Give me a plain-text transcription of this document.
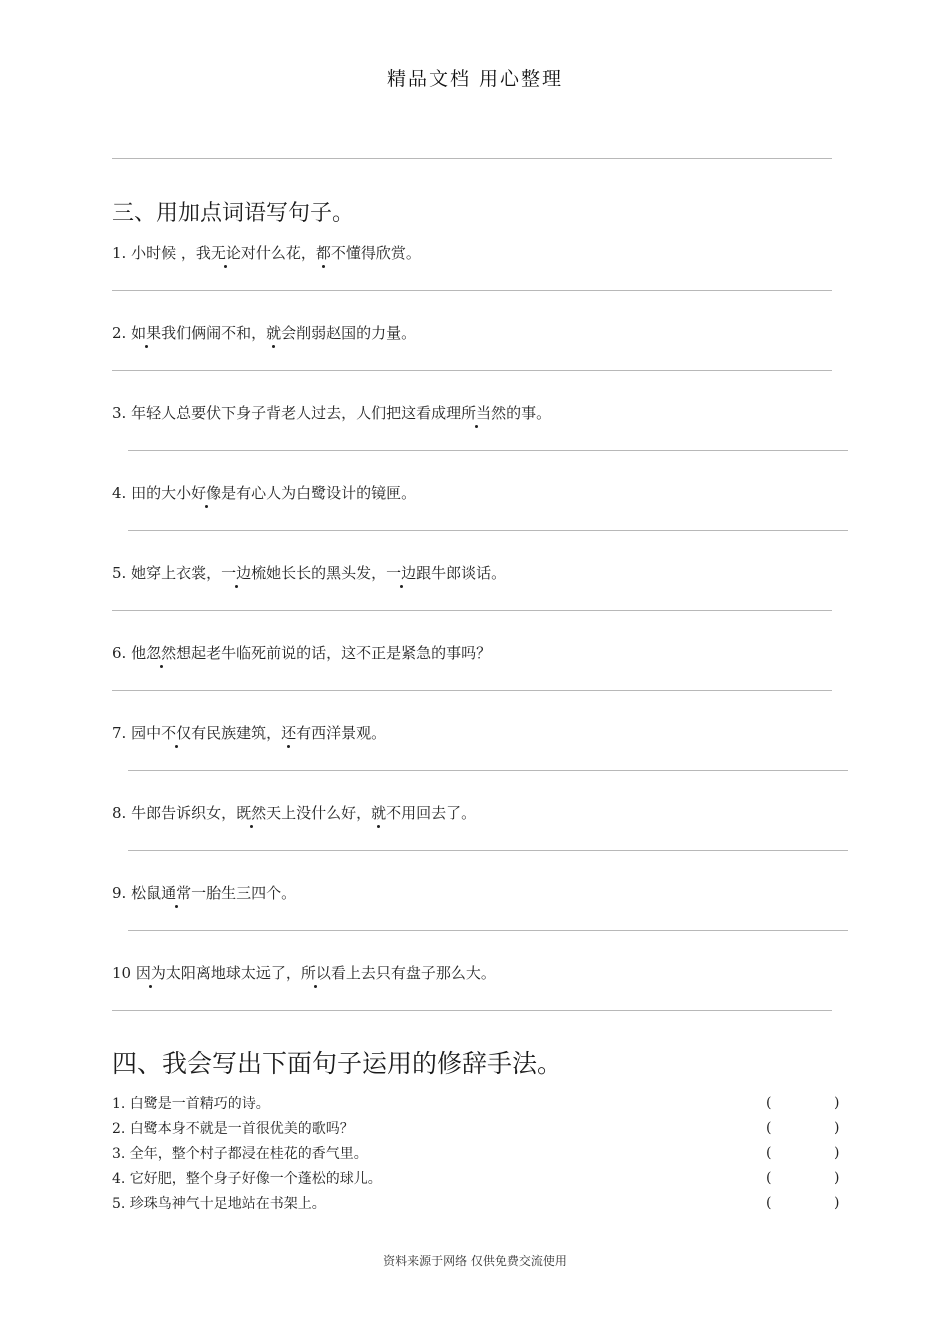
精品文档 用心整理
三、用加点词语写句子。
1. 小时候 ，我无论对什么花，都不懂得欣赏。
2. 如果我们俩闹不和，就会削弱赵国的力量。
3. 年轻人总要伏下身子背老人过去，人们把这看成理所当然的事。
4. 田的大小好像是有心人为白鹭设计的镜匣。
5. 她穿上衣裳，一边梳她长长的黑头发，一边跟牛郎谈话。
6. 他忽然想起老牛临死前说的话，这不正是紧急的事吗？
7. 园中不仅有民族建筑，还有西洋景观。
8. 牛郎告诉织女，既然天上没什么好，就不用回去了。
9. 松鼠通常一胎生三四个。
10 因为太阳离地球太远了，所以看上去只有盘子那么大。
四、我会写出下面句子运用的修辞手法。
1. 白鹭是一首精巧的诗。	(	)
2. 白鹭本身不就是一首很优美的歌吗？	(	)
3. 全年，整个村子都浸在桂花的香气里。	(	)
4. 它好肥，整个身子好像一个蓬松的球儿。	(	)
5. 珍珠鸟神气十足地站在书架上。	(	)
资料来源于网络 仅供免费交流使用
